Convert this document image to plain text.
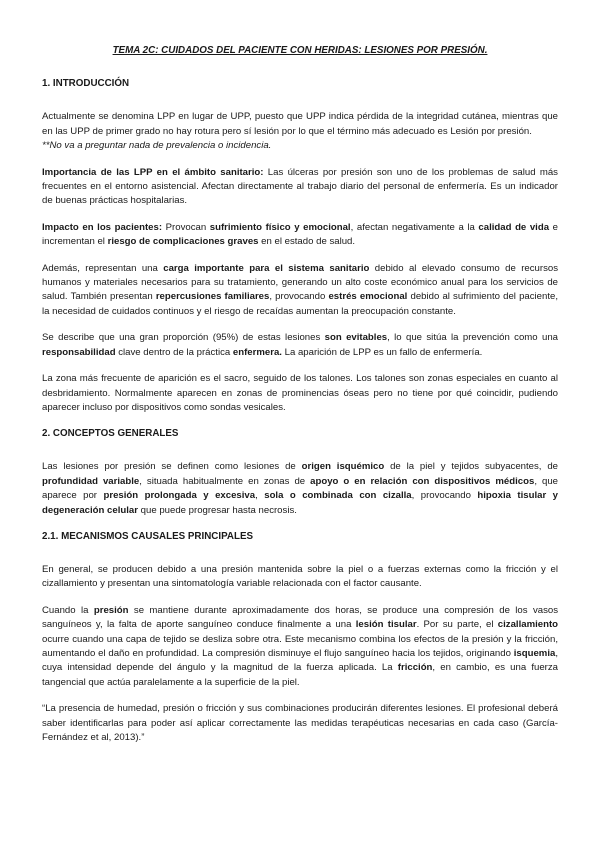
TEMA 2C: CUIDADOS DEL PACIENTE CON HERIDAS: LESIONES POR PRESIÓN.
1. INTRODUCCIÓN

Actualmente se denomina LPP en lugar de UPP, puesto que UPP indica pérdida de la integridad cutánea, mientras que en las UPP de primer grado no hay rotura pero sí lesión por lo que el término más adecuado es Lesión por presión.
**No va a preguntar nada de prevalencia o incidencia.

Importancia de las LPP en el ámbito sanitario: Las úlceras por presión son uno de los problemas de salud más frecuentes en el entorno asistencial. Afectan directamente al trabajo diario del personal de enfermería. Es un indicador de buenas prácticas hospitalarias.

Impacto en los pacientes: Provocan sufrimiento físico y emocional, afectan negativamente a la calidad de vida e incrementan el riesgo de complicaciones graves en el estado de salud.

Además, representan una carga importante para el sistema sanitario debido al elevado consumo de recursos humanos y materiales necesarios para su tratamiento, generando un alto coste económico anual para los servicios de salud. También presentan repercusiones familiares, provocando estrés emocional debido al sufrimiento del paciente, la necesidad de cuidados continuos y el riesgo de recaídas aumentan la preocupación constante.

Se describe que una gran proporción (95%) de estas lesiones son evitables, lo que sitúa la prevención como una responsabilidad clave dentro de la práctica enfermera. La aparición de LPP es un fallo de enfermería.

La zona más frecuente de aparición es el sacro, seguido de los talones. Los talones son zonas especiales en cuanto al desbridamiento. Normalmente aparecen en zonas de prominencias óseas pero no tiene por qué coincidir, pudiendo aparecer incluso por dispositivos como sondas vesicales.

2. CONCEPTOS GENERALES

Las lesiones por presión se definen como lesiones de origen isquémico de la piel y tejidos subyacentes, de profundidad variable, situada habitualmente en zonas de apoyo o en relación con dispositivos médicos, que aparece por presión prolongada y excesiva, sola o combinada con cizalla, provocando hipoxia tisular y degeneración celular que puede progresar hasta necrosis.

2.1. MECANISMOS CAUSALES PRINCIPALES

En general, se producen debido a una presión mantenida sobre la piel o a fuerzas externas como la fricción y el cizallamiento y presentan una sintomatología variable relacionada con el factor causante.

Cuando la presión se mantiene durante aproximadamente dos horas, se produce una compresión de los vasos sanguíneos y, la falta de aporte sanguíneo conduce finalmente a una lesión tisular. Por su parte, el cizallamiento ocurre cuando una capa de tejido se desliza sobre otra. Este mecanismo combina los efectos de la presión y la fricción, aumentando el daño en profundidad. La compresión disminuye el flujo sanguíneo hacia los tejidos, originando isquemia, cuya intensidad depende del ángulo y la magnitud de la fuerza aplicada. La fricción, en cambio, es una fuerza tangencial que actúa paralelamente a la superficie de la piel.

“La presencia de humedad, presión o fricción y sus combinaciones producirán diferentes lesiones. El profesional deberá saber identificarlas para poder así aplicar correctamente las medidas terapéuticas necesarias en cada caso (García-Fernández et al, 2013).”
